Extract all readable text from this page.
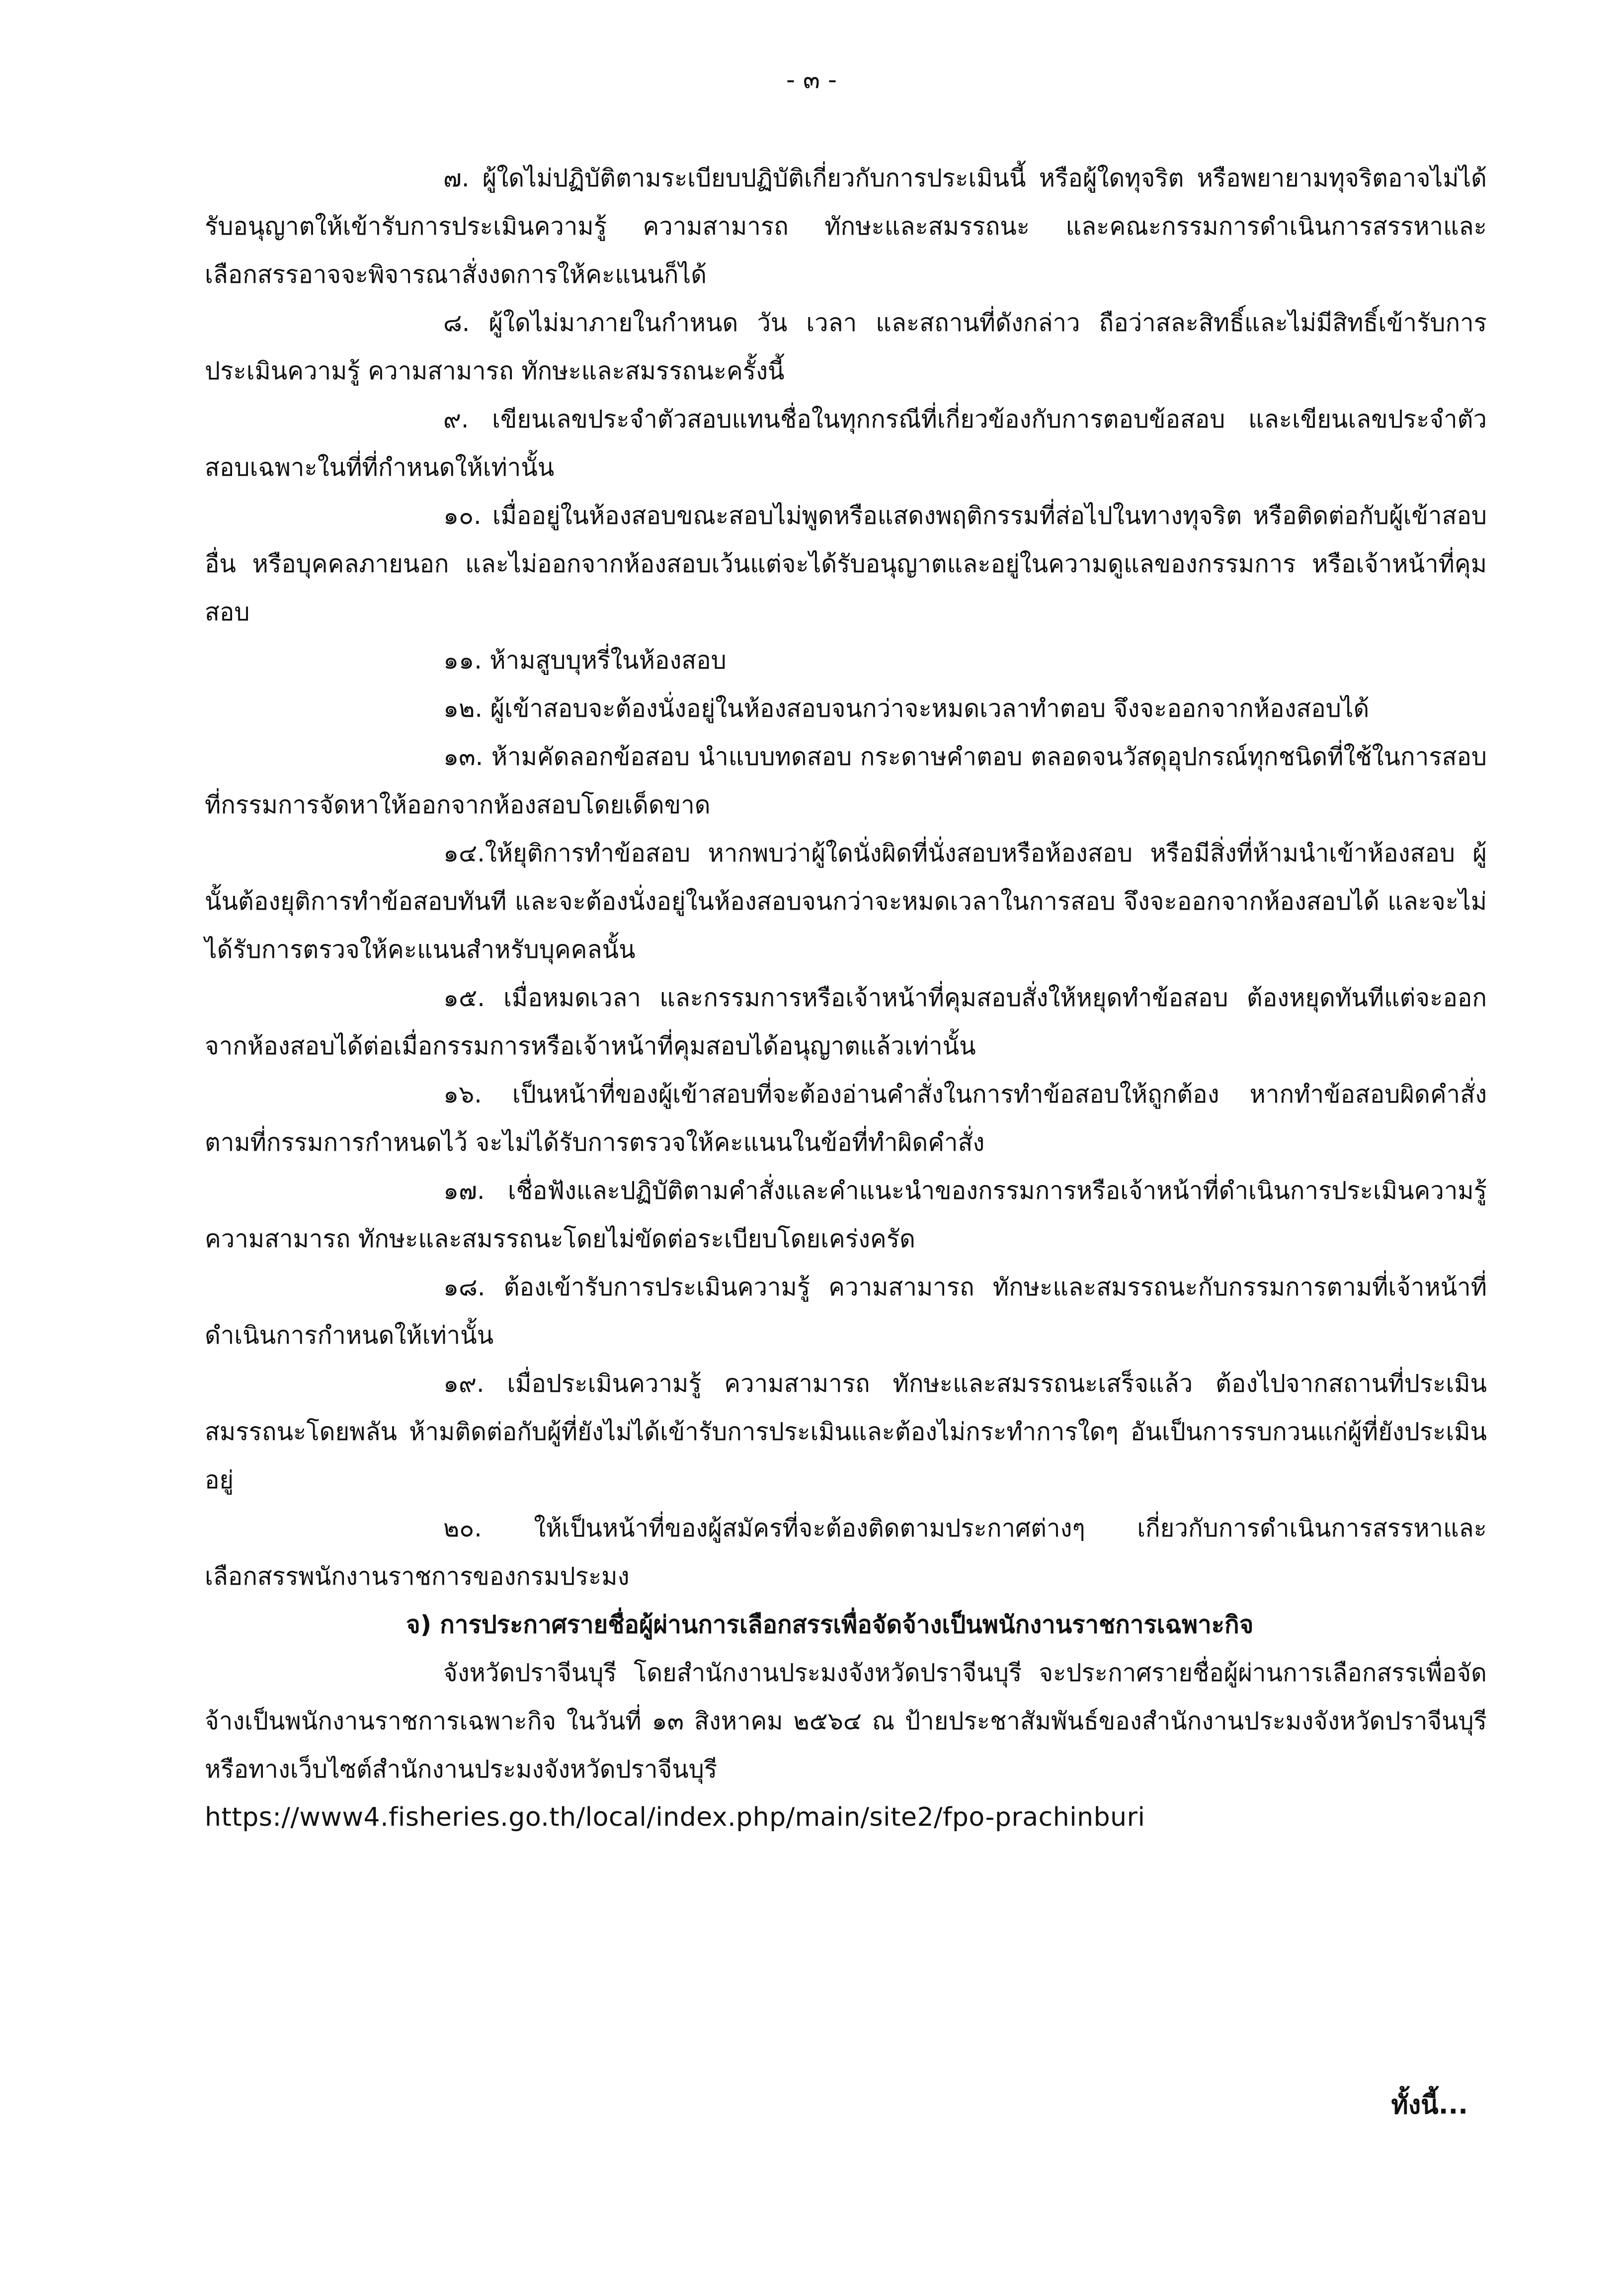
- ๓ -

๗. ผู้ใดไม่ปฏิบัติตามระเบียบปฏิบัติเกี่ยวกับการประเมินนี้ หรือผู้ใดทุจริต หรือพยายามทุจริตอาจไม่ได้รับอนุญาตให้เข้ารับการประเมินความรู้ ความสามารถ ทักษะและสมรรถนะ และคณะกรรมการดำเนินการสรรหาและเลือกสรรอาจจะพิจารณาสั่งงดการให้คะแนนก็ได้

๘. ผู้ใดไม่มาภายในกำหนด วัน เวลา และสถานที่ดังกล่าว ถือว่าสละสิทธิ์และไม่มีสิทธิ์เข้ารับการประเมินความรู้ ความสามารถ ทักษะและสมรรถนะครั้งนี้

๙. เขียนเลขประจำตัวสอบแทนชื่อในทุกกรณีที่เกี่ยวข้องกับการตอบข้อสอบ และเขียนเลขประจำตัวสอบเฉพาะในที่ที่กำหนดให้เท่านั้น

๑๐. เมื่ออยู่ในห้องสอบขณะสอบไม่พูดหรือแสดงพฤติกรรมที่ส่อไปในทางทุจริต หรือติดต่อกับผู้เข้าสอบอื่น หรือบุคคลภายนอก และไม่ออกจากห้องสอบเว้นแต่จะได้รับอนุญาตและอยู่ในความดูแลของกรรมการ หรือเจ้าหน้าที่คุมสอบ

๑๑. ห้ามสูบบุหรี่ในห้องสอบ

๑๒. ผู้เข้าสอบจะต้องนั่งอยู่ในห้องสอบจนกว่าจะหมดเวลาทำตอบ จึงจะออกจากห้องสอบได้

๑๓. ห้ามคัดลอกข้อสอบ นำแบบทดสอบ กระดาษคำตอบ ตลอดจนวัสดุอุปกรณ์ทุกชนิดที่ใช้ในการสอบที่กรรมการจัดหาให้ออกจากห้องสอบโดยเด็ดขาด

๑๔.ให้ยุติการทำข้อสอบ หากพบว่าผู้ใดนั่งผิดที่นั่งสอบหรือห้องสอบ หรือมีสิ่งที่ห้ามนำเข้าห้องสอบ ผู้นั้นต้องยุติการทำข้อสอบทันที และจะต้องนั่งอยู่ในห้องสอบจนกว่าจะหมดเวลาในการสอบ จึงจะออกจากห้องสอบได้ และจะไม่ได้รับการตรวจให้คะแนนสำหรับบุคคลนั้น

๑๕. เมื่อหมดเวลา และกรรมการหรือเจ้าหน้าที่คุมสอบสั่งให้หยุดทำข้อสอบ ต้องหยุดทันทีแต่จะออกจากห้องสอบได้ต่อเมื่อกรรมการหรือเจ้าหน้าที่คุมสอบได้อนุญาตแล้วเท่านั้น

๑๖. เป็นหน้าที่ของผู้เข้าสอบที่จะต้องอ่านคำสั่งในการทำข้อสอบให้ถูกต้อง หากทำข้อสอบผิดคำสั่งตามที่กรรมการกำหนดไว้ จะไม่ได้รับการตรวจให้คะแนนในข้อที่ทำผิดคำสั่ง

๑๗. เชื่อฟังและปฏิบัติตามคำสั่งและคำแนะนำของกรรมการหรือเจ้าหน้าที่ดำเนินการประเมินความรู้ ความสามารถ ทักษะและสมรรถนะโดยไม่ขัดต่อระเบียบโดยเคร่งครัด

๑๘. ต้องเข้ารับการประเมินความรู้ ความสามารถ ทักษะและสมรรถนะกับกรรมการตามที่เจ้าหน้าที่ดำเนินการกำหนดให้เท่านั้น

๑๙. เมื่อประเมินความรู้ ความสามารถ ทักษะและสมรรถนะเสร็จแล้ว ต้องไปจากสถานที่ประเมินสมรรถนะโดยพลัน ห้ามติดต่อกับผู้ที่ยังไม่ได้เข้ารับการประเมินและต้องไม่กระทำการใดๆ อันเป็นการรบกวนแก่ผู้ที่ยังประเมินอยู่

๒๐. ให้เป็นหน้าที่ของผู้สมัครที่จะต้องติดตามประกาศต่างๆ เกี่ยวกับการดำเนินการสรรหาและเลือกสรรพนักงานราชการของกรมประมง

จ) การประกาศรายชื่อผู้ผ่านการเลือกสรรเพื่อจัดจ้างเป็นพนักงานราชการเฉพาะกิจ

จังหวัดปราจีนบุรี โดยสำนักงานประมงจังหวัดปราจีนบุรี จะประกาศรายชื่อผู้ผ่านการเลือกสรรเพื่อจัดจ้างเป็นพนักงานราชการเฉพาะกิจ ในวันที่ ๑๓ สิงหาคม ๒๕๖๔ ณ ป้ายประชาสัมพันธ์ของสำนักงานประมงจังหวัดปราจีนบุรี หรือทางเว็บไซต์สำนักงานประมงจังหวัดปราจีนบุรี

https://www4.fisheries.go.th/local/index.php/main/site2/fpo-prachinburi

ทั้งนี้...
